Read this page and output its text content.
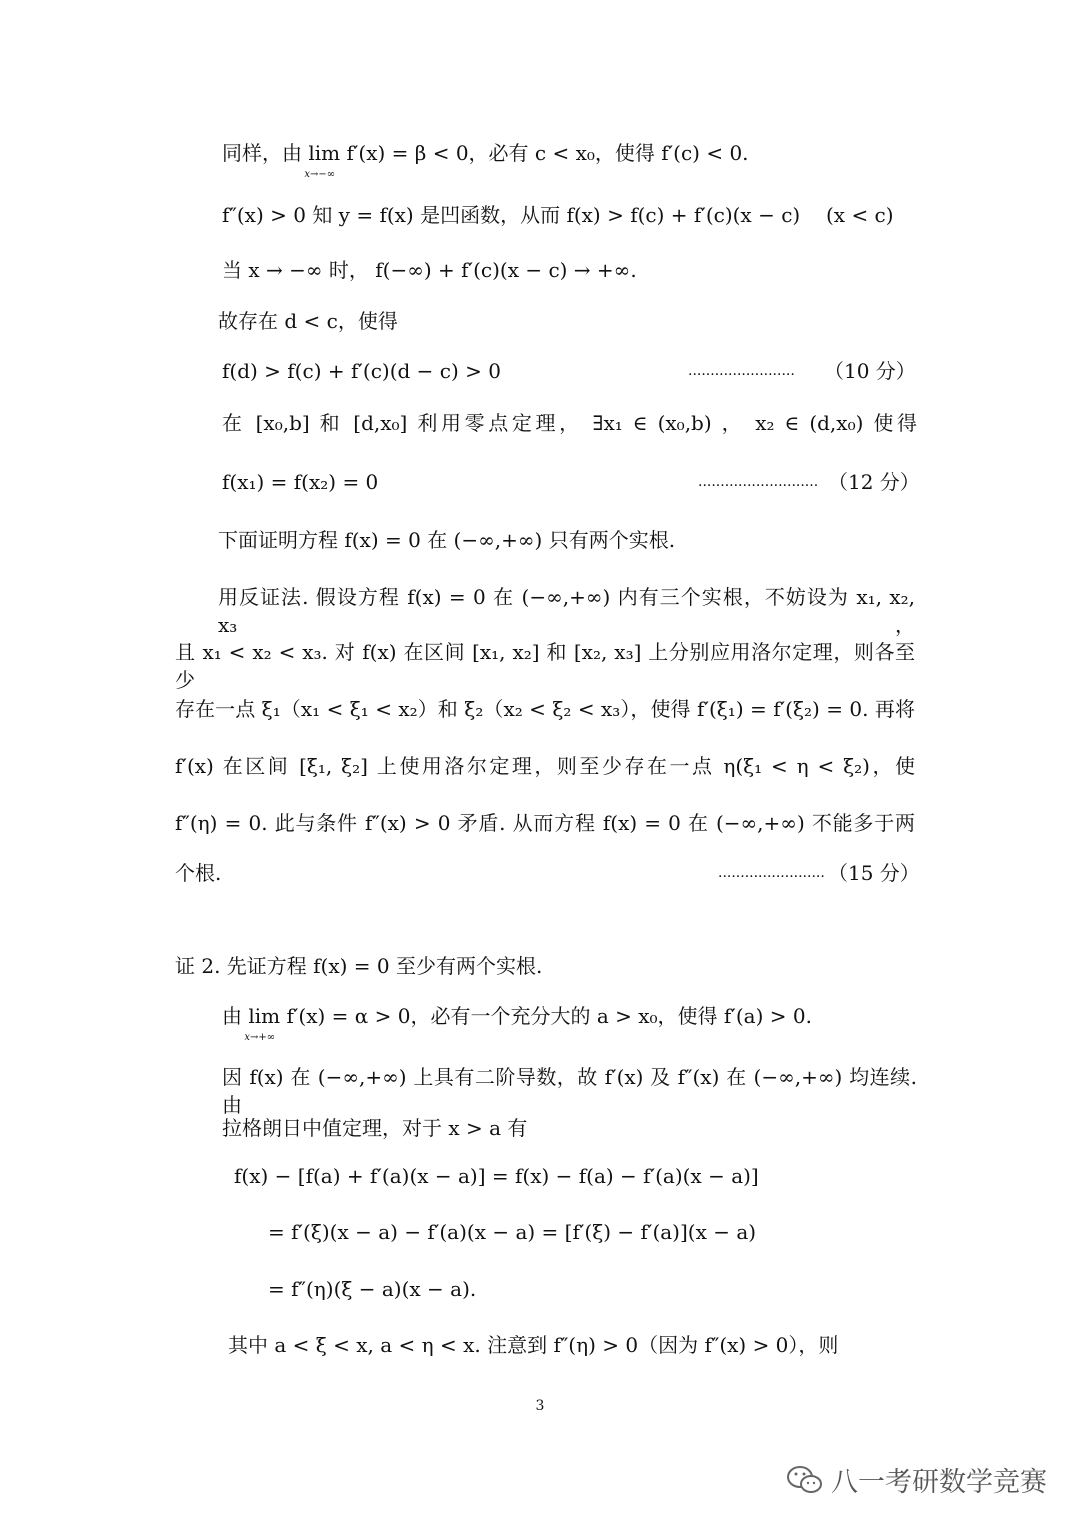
同样，由 lim
x→−∞
f′(x) = β < 0，必有 c < x₀，使得 f′(c) < 0.
f″(x) > 0 知 y = f(x) 是凹函数，从而 f(x) > f(c) + f′(c)(x − c) (x < c)
当 x → −∞ 时， f(−∞) + f′(c)(x − c) → +∞.
故存在 d < c，使得
f(d) > f(c) + f′(c)(d − c) > 0	........................ （10 分）
在 [x₀,b] 和 [d,x₀] 利用零点定理， ∃x₁ ∈ (x₀,b) ， x₂ ∈ (d,x₀) 使得
f(x₁) = f(x₂) = 0	........................... （12 分）
下面证明方程 f(x) = 0 在 (−∞,+∞) 只有两个实根.
用反证法. 假设方程 f(x) = 0 在 (−∞,+∞) 内有三个实根，不妨设为 x₁, x₂, x₃，
且 x₁ < x₂ < x₃. 对 f(x) 在区间 [x₁, x₂] 和 [x₂, x₃] 上分别应用洛尔定理，则各至少
存在一点 ξ₁（x₁ < ξ₁ < x₂）和 ξ₂（x₂ < ξ₂ < x₃），使得 f′(ξ₁) = f′(ξ₂) = 0. 再将
f′(x) 在区间 [ξ₁, ξ₂] 上使用洛尔定理，则至少存在一点 η(ξ₁ < η < ξ₂)，使
f″(η) = 0. 此与条件 f″(x) > 0 矛盾. 从而方程 f(x) = 0 在 (−∞,+∞) 不能多于两
个根.	........................ （15 分）
证 2. 先证方程 f(x) = 0 至少有两个实根.
由 lim
x→+∞
f′(x) = α > 0，必有一个充分大的 a > x₀，使得 f′(a) > 0.
因 f(x) 在 (−∞,+∞) 上具有二阶导数，故 f′(x) 及 f″(x) 在 (−∞,+∞) 均连续. 由
拉格朗日中值定理，对于 x > a 有
f(x) − [f(a) + f′(a)(x − a)] = f(x) − f(a) − f′(a)(x − a)]
= f′(ξ)(x − a) − f′(a)(x − a) = [f′(ξ) − f′(a)](x − a)
= f″(η)(ξ − a)(x − a).
其中 a < ξ < x, a < η < x. 注意到 f″(η) > 0（因为 f″(x) > 0），则
3
八一考研数学竞赛
